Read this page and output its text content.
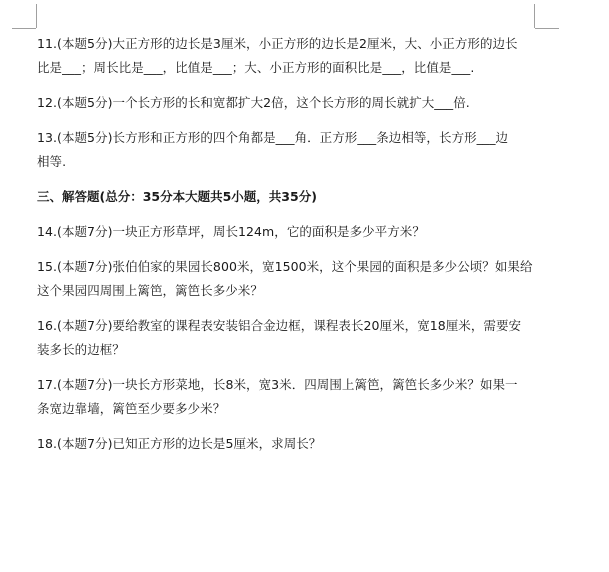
11.(本题5分)大正方形的边长是3厘米，小正方形的边长是2厘米，大、小正方形的边长
比是___；周长比是___，比值是___；大、小正方形的面积比是___，比值是___.
12.(本题5分)一个长方形的长和宽都扩大2倍，这个长方形的周长就扩大___倍.
13.(本题5分)长方形和正方形的四个角都是___角．正方形___条边相等，长方形___边
相等.
三、解答题(总分：35分本大题共5小题，共35分)
14.(本题7分)一块正方形草坪，周长124m，它的面积是多少平方米？
15.(本题7分)张伯伯家的果园长800米，宽1500米，这个果园的面积是多少公顷？如果给
这个果园四周围上篱笆，篱笆长多少米？
16.(本题7分)要给教室的课程表安装铝合金边框，课程表长20厘米，宽18厘米，需要安
装多长的边框？
17.(本题7分)一块长方形菜地，长8米，宽3米．四周围上篱笆，篱笆长多少米？如果一
条宽边靠墙，篱笆至少要多少米？
18.(本题7分)已知正方形的边长是5厘米，求周长？
